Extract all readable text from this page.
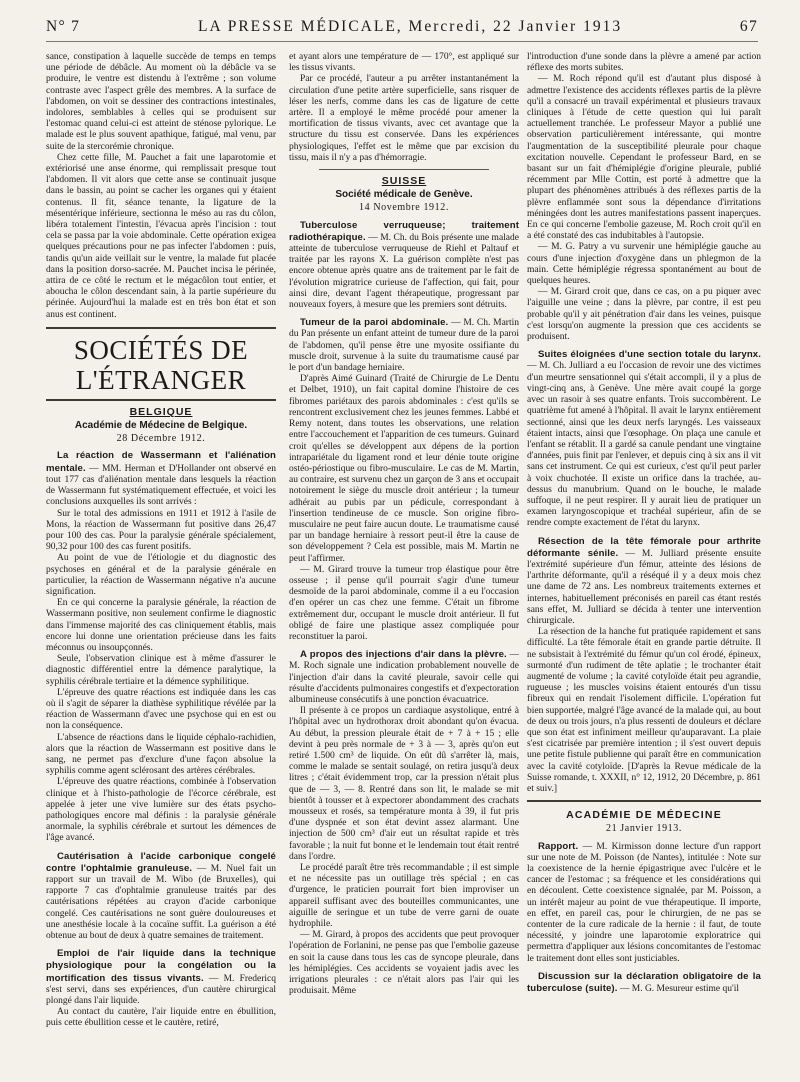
N° 7	LA PRESSE MÉDICALE, Mercredi, 22 Janvier 1913	67

sance, constipation à laquelle succède de temps en temps une période de débâcle. Au moment où la débâcle va se produire, le ventre est distendu à l'extrême ; son volume contraste avec l'aspect grêle des membres. A la surface de l'abdomen, on voit se dessiner des contractions intestinales, indolores, semblables à celles qui se produisent sur l'estomac quand celui-ci est atteint de sténose pylorique. Le malade est le plus souvent apathique, fatigué, mal venu, par suite de la stercorémie chronique.

Chez cette fille, M. Pauchet a fait une laparotomie et extériorisé une anse énorme, qui remplissait presque tout l'abdomen. Il vit alors que cette anse se continuait jusque dans le bassin, au point se cacher les organes qui y étaient contenus. Il fit, séance tenante, la ligature de la mésentérique inférieure, sectionna le méso au ras du côlon, libéra totalement l'intestin, l'évacua après l'incision : tout cela se passa par la voie abdominale. Cette opération exigea quelques précautions pour ne pas infecter l'abdomen : puis, tandis qu'un aide veillait sur le ventre, la malade fut placée dans la position dorso-sacrée. M. Pauchet incisa le périnée, attira de ce côté le rectum et le mégacôlon tout entier, et aboucha le côlon descendant sain, à la partie supérieure du périnée. Aujourd'hui la malade est en très bon état et son anus est continent.

SOCIÉTÉS DE L'ÉTRANGER
BELGIQUE
Académie de Médecine de Belgique.
28 Décembre 1912.

La réaction de Wassermann et l'aliénation mentale. — MM. Herman et D'Hollander ont observé en tout 177 cas d'aliénation mentale dans lesquels la réaction de Wassermann fut systématiquement effectuée, et voici les conclusions auxquelles ils sont arrivés :

Sur le total des admissions en 1911 et 1912 à l'asile de Mons, la réaction de Wassermann fut positive dans 26,47 pour 100 des cas. Pour la paralysie générale spécialement, 90,32 pour 100 des cas furent positifs.

Au point de vue de l'étiologie et du diagnostic des psychoses en général et de la paralysie générale en particulier, la réaction de Wassermann négative n'a aucune signification.

En ce qui concerne la paralysie générale, la réaction de Wassermann positive, non seulement confirme le diagnostic dans l'immense majorité des cas cliniquement établis, mais encore lui donne une orientation précieuse dans les faits méconnus ou insoupçonnés.

Seule, l'observation clinique est à même d'assurer le diagnostic différentiel entre la démence paralytique, la syphilis cérébrale tertiaire et la démence syphilitique.

L'épreuve des quatre réactions est indiquée dans les cas où il s'agit de séparer la diathèse syphilitique révélée par la réaction de Wassermann d'avec une psychose qui en est ou non la conséquence.

L'absence de réactions dans le liquide céphalo-rachidien, alors que la réaction de Wassermann est positive dans le sang, ne permet pas d'exclure d'une façon absolue la syphilis comme agent sclérosant des artères cérébrales.

L'épreuve des quatre réactions, combinée à l'observation clinique et à l'histo-pathologie de l'écorce cérébrale, est appelée à jeter une vive lumière sur des états psycho-pathologiques encore mal définis : la paralysie générale anormale, la syphilis cérébrale et surtout les démences de l'âge avancé.

Cautérisation à l'acide carbonique congelé contre l'ophtalmie granuleuse. — M. Nuel fait un rapport sur un travail de M. Wibo (de Bruxelles), qui rapporte 7 cas d'ophtalmie granuleuse traités par des cautérisations répétées au crayon d'acide carbonique congelé. Ces cautérisations ne sont guère douloureuses et une anesthésie locale à la cocaïne suffit. La guérison a été obtenue au bout de deux à quatre semaines de traitement.

Emploi de l'air liquide dans la technique physiologique pour la congélation ou la mortification des tissus vivants. — M. Fredericq s'est servi, dans ses expériences, d'un cautère chirurgical plongé dans l'air liquide.

Au contact du cautère, l'air liquide entre en ébullition, puis cette ébullition cesse et le cautère, retiré,

et ayant alors une température de — 170°, est appliqué sur les tissus vivants.

Par ce procédé, l'auteur a pu arrêter instantanément la circulation d'une petite artère superficielle, sans risquer de léser les nerfs, comme dans les cas de ligature de cette artère. Il a employé le même procédé pour amener la mortification de tissus vivants, avec cet avantage que la structure du tissu est conservée. Dans les expériences physiologiques, l'effet est le même que par excision du tissu, mais il n'y a pas d'hémorragie.

SUISSE
Société médicale de Genève.
14 Novembre 1912.

Tuberculose verruqueuse; traitement radiothérapique. — M. Ch. du Bois présente une malade atteinte de tuberculose verruqueuse de Riehl et Paltauf et traitée par les rayons X. La guérison complète n'est pas encore obtenue après quatre ans de traitement par le fait de l'évolution migratrice curieuse de l'affection, qui fait, pour ainsi dire, devant l'agent thérapeutique, progressant par nouveaux foyers, à mesure que les premiers sont détruits.

Tumeur de la paroi abdominale. — M. Ch. Martin du Pan présente un enfant atteint de tumeur dure de la paroi de l'abdomen, qu'il pense être une myosite ossifiante du muscle droit, survenue à la suite du traumatisme causé par le port d'un bandage herniaire.

D'après Aimé Guinard (Traité de Chirurgie de Le Dentu et Delbet, 1910), un fait capital domine l'histoire de ces fibromes pariétaux des parois abdominales : c'est qu'ils se rencontrent exclusivement chez les jeunes femmes. Labbé et Remy notent, dans toutes les observations, une relation entre l'accouchement et l'apparition de ces tumeurs. Guinard croit qu'elles se développent aux dépens de la portion intrapariétale du ligament rond et leur dénie toute origine ostéo-périostique ou fibro-musculaire. Le cas de M. Martin, au contraire, est survenu chez un garçon de 3 ans et occupait notoirement le siège du muscle droit antérieur ; la tumeur adhérait au pubis par un pédicule, correspondant à l'insertion tendineuse de ce muscle. Son origine fibro-musculaire ne peut faire aucun doute. Le traumatisme causé par un bandage herniaire à ressort peut-il être la cause de son développement ? Cela est possible, mais M. Martin ne peut l'affirmer.

— M. Girard trouve la tumeur trop élastique pour être osseuse ; il pense qu'il pourrait s'agir d'une tumeur desmoïde de la paroi abdominale, comme il a eu l'occasion d'en opérer un cas chez une femme. C'était un fibrome extrêmement dur, occupant le muscle droit antérieur. Il fut obligé de faire une plastique assez compliquée pour reconstituer la paroi.

A propos des injections d'air dans la plèvre. — M. Roch signale une indication probablement nouvelle de l'injection d'air dans la cavité pleurale, savoir celle qui résulte d'accidents pulmonaires congestifs et d'expectoration albumineuse consécutifs à une ponction évacuatrice.

Il présente à ce propos un cardiaque asystolique, entré à l'hôpital avec un hydrothorax droit abondant qu'on évacua. Au début, la pression pleurale était de + 7 à + 15 ; elle devint à peu près normale de + 3 à — 3, après qu'on eut retiré 1.500 cm³ de liquide. On eût dû s'arrêter là, mais, comme le malade se sentait soulagé, on retira jusqu'à deux litres ; c'était évidemment trop, car la pression n'était plus que de — 3, — 8. Rentré dans son lit, le malade se mit bientôt à tousser et à expectorer abondamment des crachats mousseux et rosés, sa température monta à 39, il fut pris d'une dyspnée et son état devint assez alarmant. Une injection de 500 cm³ d'air eut un résultat rapide et très favorable ; la nuit fut bonne et le lendemain tout était rentré dans l'ordre.

Le procédé paraît être très recommandable ; il est simple et ne nécessite pas un outillage très spécial ; en cas d'urgence, le praticien pourrait fort bien improviser un appareil suffisant avec des bouteilles communicantes, une aiguille de seringue et un tube de verre garni de ouate hydrophile.

— M. Girard, à propos des accidents que peut provoquer l'opération de Forlanini, ne pense pas que l'embolie gazeuse en soit la cause dans tous les cas de syncope pleurale, dans les hémiplégies. Ces accidents se voyaient jadis avec les irrigations pleurales : ce n'était alors pas l'air qui les produisait. Même

l'introduction d'une sonde dans la plèvre a amené par action réflexe des morts subites.

— M. Roch répond qu'il est d'autant plus disposé à admettre l'existence des accidents réflexes partis de la plèvre qu'il a consacré un travail expérimental et plusieurs travaux cliniques à l'étude de cette question qui lui paraît actuellement tranchée. Le professeur Mayor a publié une observation particulièrement intéressante, qui montre l'augmentation de la susceptibilité pleurale pour chaque excitation nouvelle. Cependant le professeur Bard, en se basant sur un fait d'hémiplégie d'origine pleurale, publié récemment par Mlle Cottin, est porté à admettre que la plupart des phénomènes attribués à des réflexes partis de la plèvre enflammée sont sous la dépendance d'irritations méningées dont les autres manifestations passent inaperçues. En ce qui concerne l'embolie gazeuse, M. Roch croit qu'il en a été constaté des cas indubitables à l'autopsie.

— M. G. Patry a vu survenir une hémiplégie gauche au cours d'une injection d'oxygène dans un phlegmon de la main. Cette hémiplégie régressa spontanément au bout de quelques heures.

— M. Girard croit que, dans ce cas, on a pu piquer avec l'aiguille une veine ; dans la plèvre, par contre, il est peu probable qu'il y ait pénétration d'air dans les veines, puisque c'est lorsqu'on augmente la pression que ces accidents se produisent.

Suites éloignées d'une section totale du larynx. — M. Ch. Julliard a eu l'occasion de revoir une des victimes d'un meurtre sensationnel qui s'était accompli, il y a plus de vingt-cinq ans, à Genève. Une mère avait coupé la gorge avec un rasoir à ses quatre enfants. Trois succombèrent. Le quatrième fut amené à l'hôpital. Il avait le larynx entièrement sectionné, ainsi que les deux nerfs laryngés. Les vaisseaux étaient intacts, ainsi que l'œsophage. On plaça une canule et l'enfant se rétablit. Il a gardé sa canule pendant une vingtaine d'années, puis finit par l'enlever, et depuis cinq à six ans il vit sans cet instrument. Ce qui est curieux, c'est qu'il peut parler à voix chuchotée. Il existe un orifice dans la trachée, au-dessus du manubrium. Quand on le bouche, le malade suffoque, il ne peut respirer. Il y aurait lieu de pratiquer un examen laryngoscopique et trachéal supérieur, afin de se rendre compte exactement de l'état du larynx.

Résection de la tête fémorale pour arthrite déformante sénile. — M. Julliard présente ensuite l'extrémité supérieure d'un fémur, atteinte des lésions de l'arthrite déformante, qu'il a réséqué il y a deux mois chez une dame de 72 ans. Les nombreux traitements externes et internes, habituellement préconisés en pareil cas étant restés sans effet, M. Julliard se décida à tenter une intervention chirurgicale.

La résection de la hanche fut pratiquée rapidement et sans difficulté. La tête fémorale était en grande partie détruite. Il ne subsistait à l'extrémité du fémur qu'un col érodé, épineux, surmonté d'un rudiment de tête aplatie ; le trochanter était augmenté de volume ; la cavité cotyloïde était peu agrandie, rugueuse ; les muscles voisins étaient entourés d'un tissu fibreux qui en rendait l'isolement difficile. L'opération fut bien supportée, malgré l'âge avancé de la malade qui, au bout de deux ou trois jours, n'a plus ressenti de douleurs et déclare que son état est infiniment meilleur qu'auparavant. La plaie s'est cicatrisée par première intention ; il s'est ouvert depuis une petite fistule publienne qui paraît être en communication avec la cavité cotyloïde. [D'après la Revue médicale de la Suisse romande, t. XXXII, n° 12, 1912, 20 Décembre, p. 861 et suiv.]

ACADÉMIE DE MÉDECINE
21 Janvier 1913.

Rapport. — M. Kirmisson donne lecture d'un rapport sur une note de M. Poisson (de Nantes), intitulée : Note sur la coexistence de la hernie épigastrique avec l'ulcère et le cancer de l'estomac ; sa fréquence et les considérations qui en découlent. Cette coexistence signalée, par M. Poisson, a un intérêt majeur au point de vue thérapeutique. Il importe, en effet, en pareil cas, pour le chirurgien, de ne pas se contenter de la cure radicale de la hernie : il faut, de toute nécessité, y joindre une laparotomie exploratrice qui permettra d'appliquer aux lésions concomitantes de l'estomac le traitement dont elles sont justiciables.

Discussion sur la déclaration obligatoire de la tuberculose (suite). — M. G. Mesureur estime qu'il
